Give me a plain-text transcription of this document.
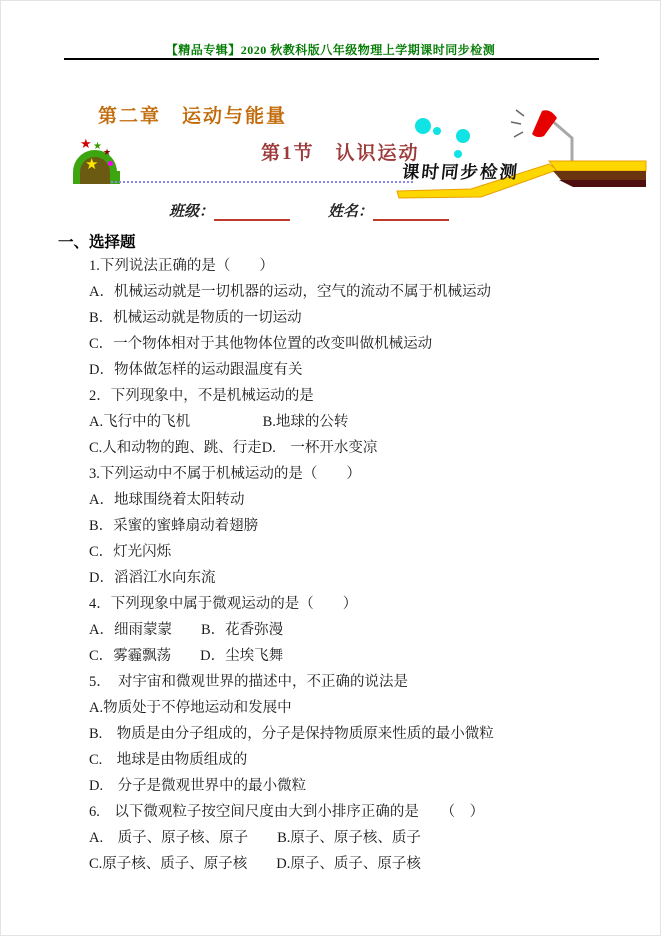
【精品专辑】2020 秋教科版八年级物理上学期课时同步检测
第二章　运动与能量
第1节　认识运动
★
★ ★ ★
课时同步检测
班级：	姓名：
一、选择题
1.下列说法正确的是（　　）
A．机械运动就是一切机器的运动，空气的流动不属于机械运动
B．机械运动就是物质的一切运动
C．一个物体相对于其他物体位置的改变叫做机械运动
D．物体做怎样的运动跟温度有关
2．下列现象中，不是机械运动的是
A.飞行中的飞机　　　　　B.地球的公转
C.人和动物的跑、跳、行走D.　一杯开水变凉
3.下列运动中不属于机械运动的是（　　）
A．地球围绕着太阳转动
B．采蜜的蜜蜂扇动着翅膀
C．灯光闪烁
D．滔滔江水向东流
4．下列现象中属于微观运动的是（　　）
A．细雨蒙蒙　　B．花香弥漫
C．雾霾飘荡　　D．尘埃飞舞
5．　对宇宙和微观世界的描述中，不正确的说法是
A.物质处于不停地运动和发展中
B.　物质是由分子组成的，分子是保持物质原来性质的最小微粒
C.　地球是由物质组成的
D.　分子是微观世界中的最小微粒
6.　以下微观粒子按空间尺度由大到小排序正确的是　　（　）
A.　质子、原子核、原子　　B.原子、原子核、质子
C.原子核、质子、原子核　　D.原子、质子、原子核
